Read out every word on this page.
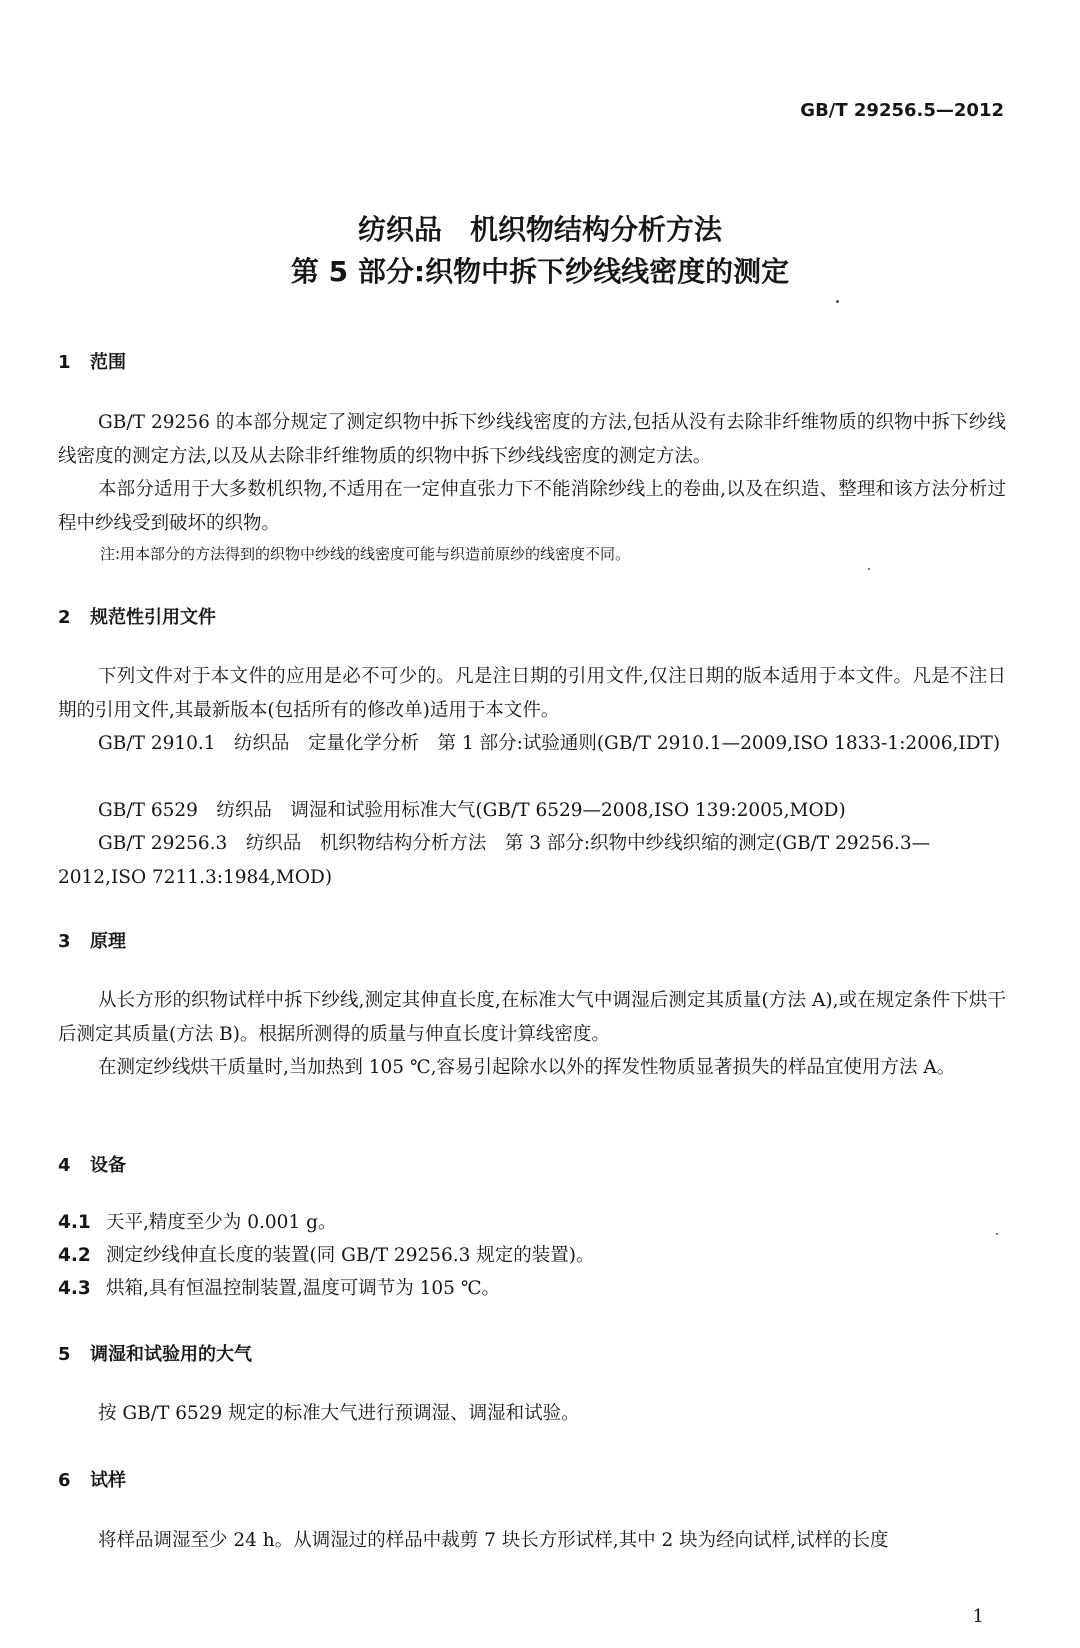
GB/T 29256.5—2012
纺织品　机织物结构分析方法
第 5 部分:织物中拆下纱线线密度的测定
1 范围
GB/T 29256 的本部分规定了测定织物中拆下纱线线密度的方法,包括从没有去除非纤维物质的织物中拆下纱线线密度的测定方法,以及从去除非纤维物质的织物中拆下纱线线密度的测定方法。
本部分适用于大多数机织物,不适用在一定伸直张力下不能消除纱线上的卷曲,以及在织造、整理和该方法分析过程中纱线受到破坏的织物。
注:用本部分的方法得到的织物中纱线的线密度可能与织造前原纱的线密度不同。
2 规范性引用文件
下列文件对于本文件的应用是必不可少的。凡是注日期的引用文件,仅注日期的版本适用于本文件。凡是不注日期的引用文件,其最新版本(包括所有的修改单)适用于本文件。
GB/T 2910.1　纺织品　定量化学分析　第 1 部分:试验通则(GB/T 2910.1—2009,ISO 1833-1:2006,IDT)
GB/T 6529　纺织品　调湿和试验用标准大气(GB/T 6529—2008,ISO 139:2005,MOD)
GB/T 29256.3　纺织品　机织物结构分析方法　第 3 部分:织物中纱线织缩的测定(GB/T 29256.3—2012,ISO 7211.3:1984,MOD)
3 原理
从长方形的织物试样中拆下纱线,测定其伸直长度,在标准大气中调湿后测定其质量(方法 A),或在规定条件下烘干后测定其质量(方法 B)。根据所测得的质量与伸直长度计算线密度。
在测定纱线烘干质量时,当加热到 105 ℃,容易引起除水以外的挥发性物质显著损失的样品宜使用方法 A。
4 设备
4.1 天平,精度至少为 0.001 g。
4.2 测定纱线伸直长度的装置(同 GB/T 29256.3 规定的装置)。
4.3 烘箱,具有恒温控制装置,温度可调节为 105 ℃。
5 调湿和试验用的大气
按 GB/T 6529 规定的标准大气进行预调湿、调湿和试验。
6 试样
将样品调湿至少 24 h。从调湿过的样品中裁剪 7 块长方形试样,其中 2 块为经向试样,试样的长度
1
